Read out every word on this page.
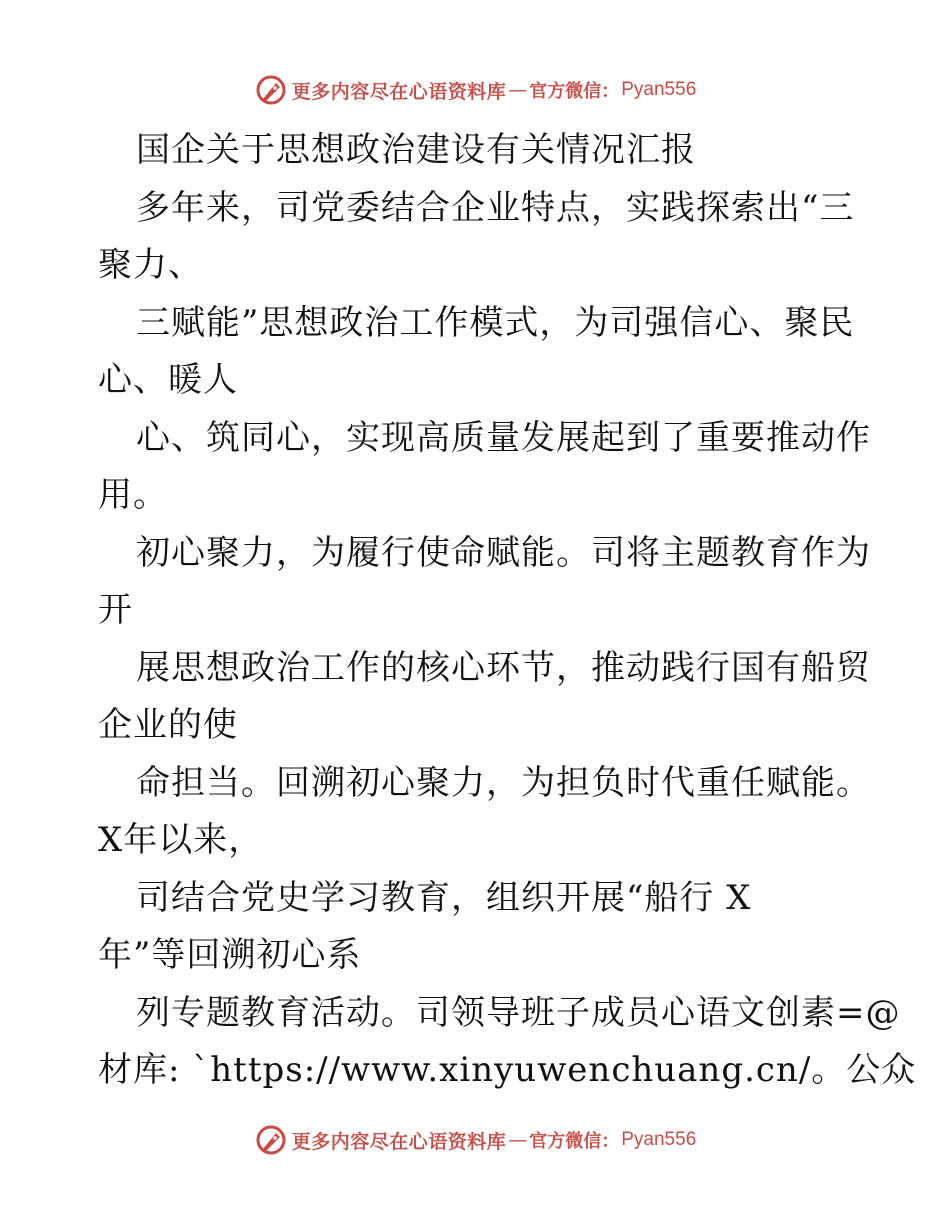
更多内容尽在心语资料库 — 官方微信： Pyan556
国企关于思想政治建设有关情况汇报
多年来，司党委结合企业特点，实践探索出“三
聚力、
三赋能”思想政治工作模式，为司强信心、聚民
心、暖人
心、筑同心，实现高质量发展起到了重要推动作
用。
初心聚力，为履行使命赋能。司将主题教育作为
开
展思想政治工作的核心环节，推动践行国有船贸
企业的使
命担当。回溯初心聚力，为担负时代重任赋能。
X年以来，
司结合党史学习教育，组织开展“船行 X
年”等回溯初心系
列专题教育活动。司领导班子成员心语文创素=@
材库: `https://www.xinyuwenchuang.cn/。公众
更多内容尽在心语资料库 — 官方微信： Pyan556
